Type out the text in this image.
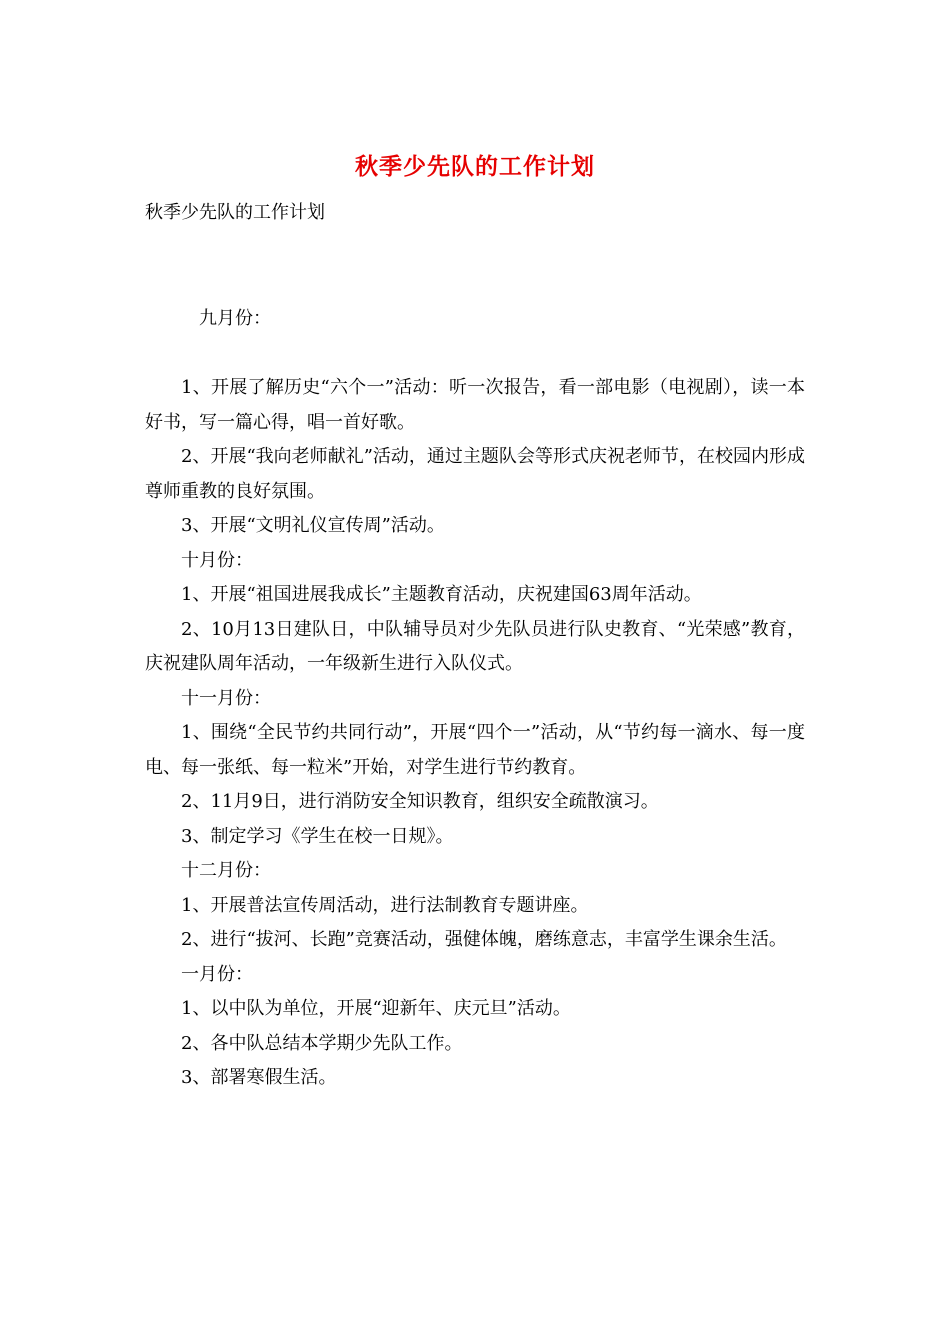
秋季少先队的工作计划
秋季少先队的工作计划

九月份：

1、开展了解历史“六个一”活动：听一次报告，看一部电影（电视剧），读一本好书，写一篇心得，唱一首好歌。

2、开展“我向老师献礼”活动，通过主题队会等形式庆祝老师节，在校园内形成尊师重教的良好氛围。

3、开展“文明礼仪宣传周”活动。

十月份：

1、开展“祖国进展我成长”主题教育活动，庆祝建国63周年活动。

2、10月13日建队日，中队辅导员对少先队员进行队史教育、“光荣感”教育，庆祝建队周年活动，一年级新生进行入队仪式。

十一月份：

1、围绕“全民节约共同行动”，开展“四个一”活动，从“节约每一滴水、每一度电、每一张纸、每一粒米”开始，对学生进行节约教育。

2、11月9日，进行消防安全知识教育，组织安全疏散演习。

3、制定学习《学生在校一日规》。

十二月份：

1、开展普法宣传周活动，进行法制教育专题讲座。

2、进行“拔河、长跑”竞赛活动，强健体魄，磨练意志，丰富学生课余生活。

一月份：

1、以中队为单位，开展“迎新年、庆元旦”活动。

2、各中队总结本学期少先队工作。

3、部署寒假生活。
